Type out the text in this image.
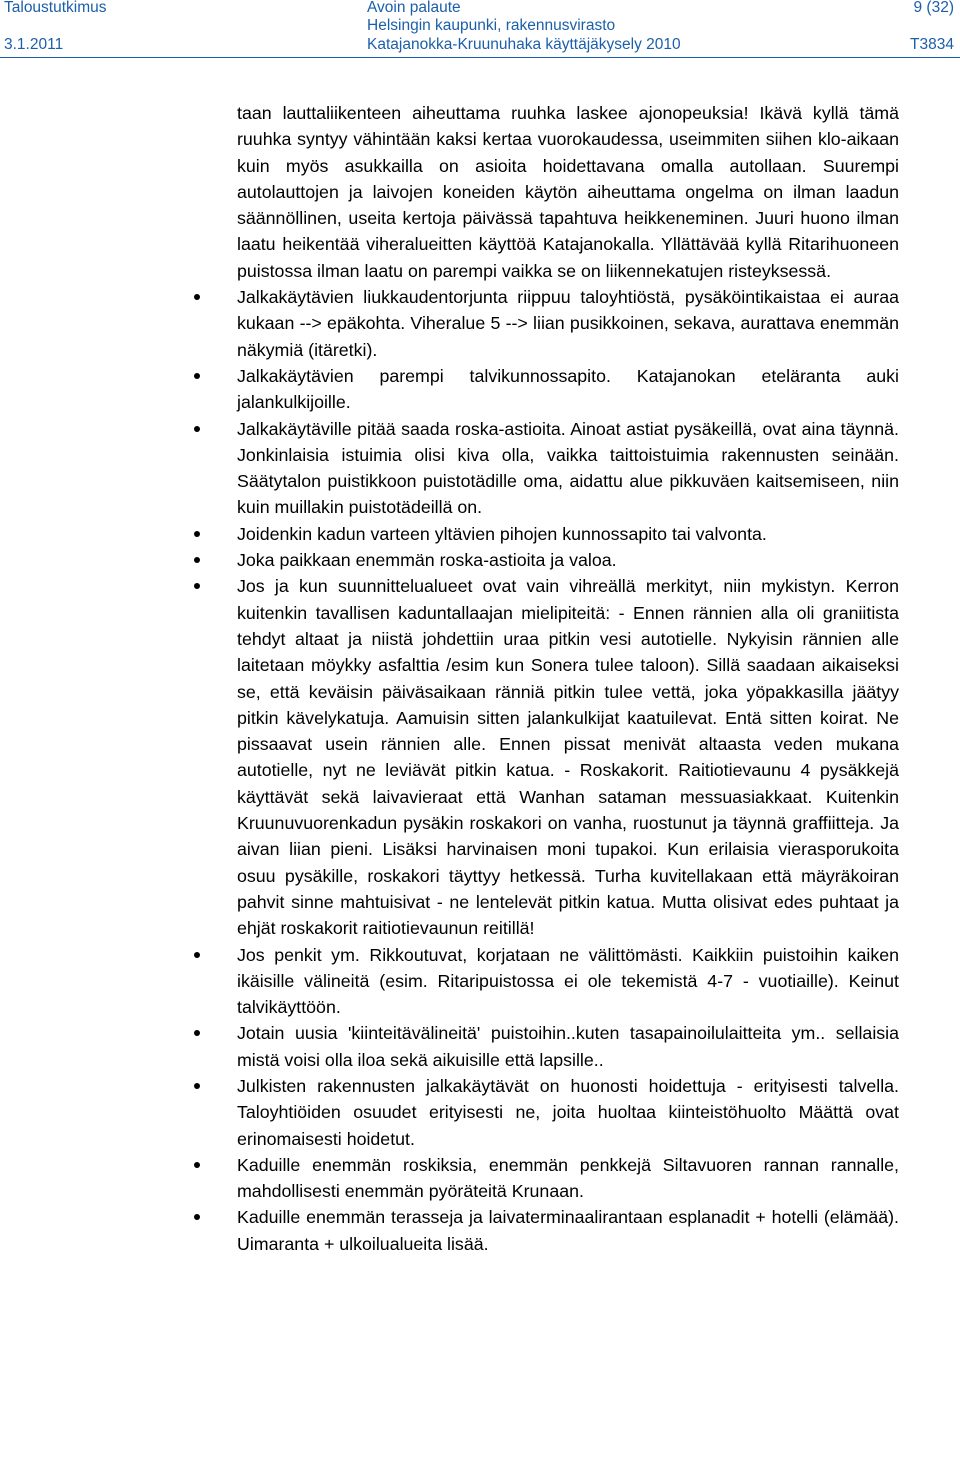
Taloustutkimus	Avoin palaute	9 (32)
Helsingin kaupunki, rakennusvirasto
3.1.2011	Katajanokka-Kruunuhaka käyttäjäkysely 2010	T3834

taan lauttaliikenteen aiheuttama ruuhka laskee ajonopeuksia! Ikävä kyllä tämä ruuhka syntyy vähintään kaksi kertaa vuorokaudessa, useimmiten siihen klo-aikaan kuin myös asukkailla on asioita hoidettavana omalla autollaan. Suurempi autolauttojen ja laivojen koneiden käytön aiheuttama ongelma on ilman laadun säännöllinen, useita kertoja päivässä tapahtuva heikkeneminen. Juuri huono ilman laatu heikentää viheralueitten käyttöä Katajanokalla. Yllättävää kyllä Ritarihuoneen puistossa ilman laatu on parempi vaikka se on liikennekatujen risteyksessä.

Jalkakäytävien liukkaudentorjunta riippuu taloyhtiöstä, pysäköintikaistaa ei auraa kukaan --> epäkohta. Viheralue 5 --> liian pusikkoinen, sekava, aurattava enemmän näkymiä (itäretki).
Jalkakäytävien parempi talvikunnossapito. Katajanokan eteläranta auki jalankulkijoille.
Jalkakäytäville pitää saada roska-astioita. Ainoat astiat pysäkeillä, ovat aina täynnä. Jonkinlaisia istuimia olisi kiva olla, vaikka taittoistuimia rakennusten seinään. Säätytalon puistikkoon puistotädille oma, aidattu alue pikkuväen kaitsemiseen, niin kuin muillakin puistotädeillä on.
Joidenkin kadun varteen yltävien pihojen kunnossapito tai valvonta.
Joka paikkaan enemmän roska-astioita ja valoa.
Jos ja kun suunnittelualueet ovat vain vihreällä merkityt, niin mykistyn. Kerron kuitenkin tavallisen kaduntallaajan mielipiteitä: - Ennen rännien alla oli graniitista tehdyt altaat ja niistä johdettiin uraa pitkin vesi autotielle. Nykyisin rännien alle laitetaan möykky asfalttia /esim kun Sonera tulee taloon). Sillä saadaan aikaiseksi se, että keväisin päiväsaikaan ränniä pitkin tulee vettä, joka yöpakkasilla jäätyy pitkin kävelykatuja. Aamuisin sitten jalankulkijat kaatuilevat. Entä sitten koirat. Ne pissaavat usein rännien alle. Ennen pissat menivät altaasta veden mukana autotielle, nyt ne leviävät pitkin katua. - Roskakorit. Raitiotievaunu 4 pysäkkejä käyttävät sekä laivavieraat että Wanhan sataman messuasiakkaat. Kuitenkin Kruunuvuorenkadun pysäkin roskakori on vanha, ruostunut ja täynnä graffiitteja. Ja aivan liian pieni. Lisäksi harvinaisen moni tupakoi. Kun erilaisia vierasporukoita osuu pysäkille, roskakori täyttyy hetkessä. Turha kuvitellakaan että mäyräkoiran pahvit sinne mahtuisivat - ne lentelevät pitkin katua. Mutta olisivat edes puhtaat ja ehjät roskakorit raitiotievaunun reitillä!
Jos penkit ym. Rikkoutuvat, korjataan ne välittömästi. Kaikkiin puistoihin kaiken ikäisille välineitä (esim. Ritaripuistossa ei ole tekemistä 4-7 - vuotiaille). Keinut talvikäyttöön.
Jotain uusia 'kiinteitävälineitä' puistoihin..kuten tasapainoilulaitteita ym.. sellaisia mistä voisi olla iloa sekä aikuisille että lapsille..
Julkisten rakennusten jalkakäytävät on huonosti hoidettuja - erityisesti talvella. Taloyhtiöiden osuudet erityisesti ne, joita huoltaa kiinteistöhuolto Määttä ovat erinomaisesti hoidetut.
Kaduille enemmän roskiksia, enemmän penkkejä Siltavuoren rannan rannalle, mahdollisesti enemmän pyöräteitä Krunaan.
Kaduille enemmän terasseja ja laivaterminaalirantaan esplanadit + hotelli (elämää). Uimaranta + ulkoilualueita lisää.
